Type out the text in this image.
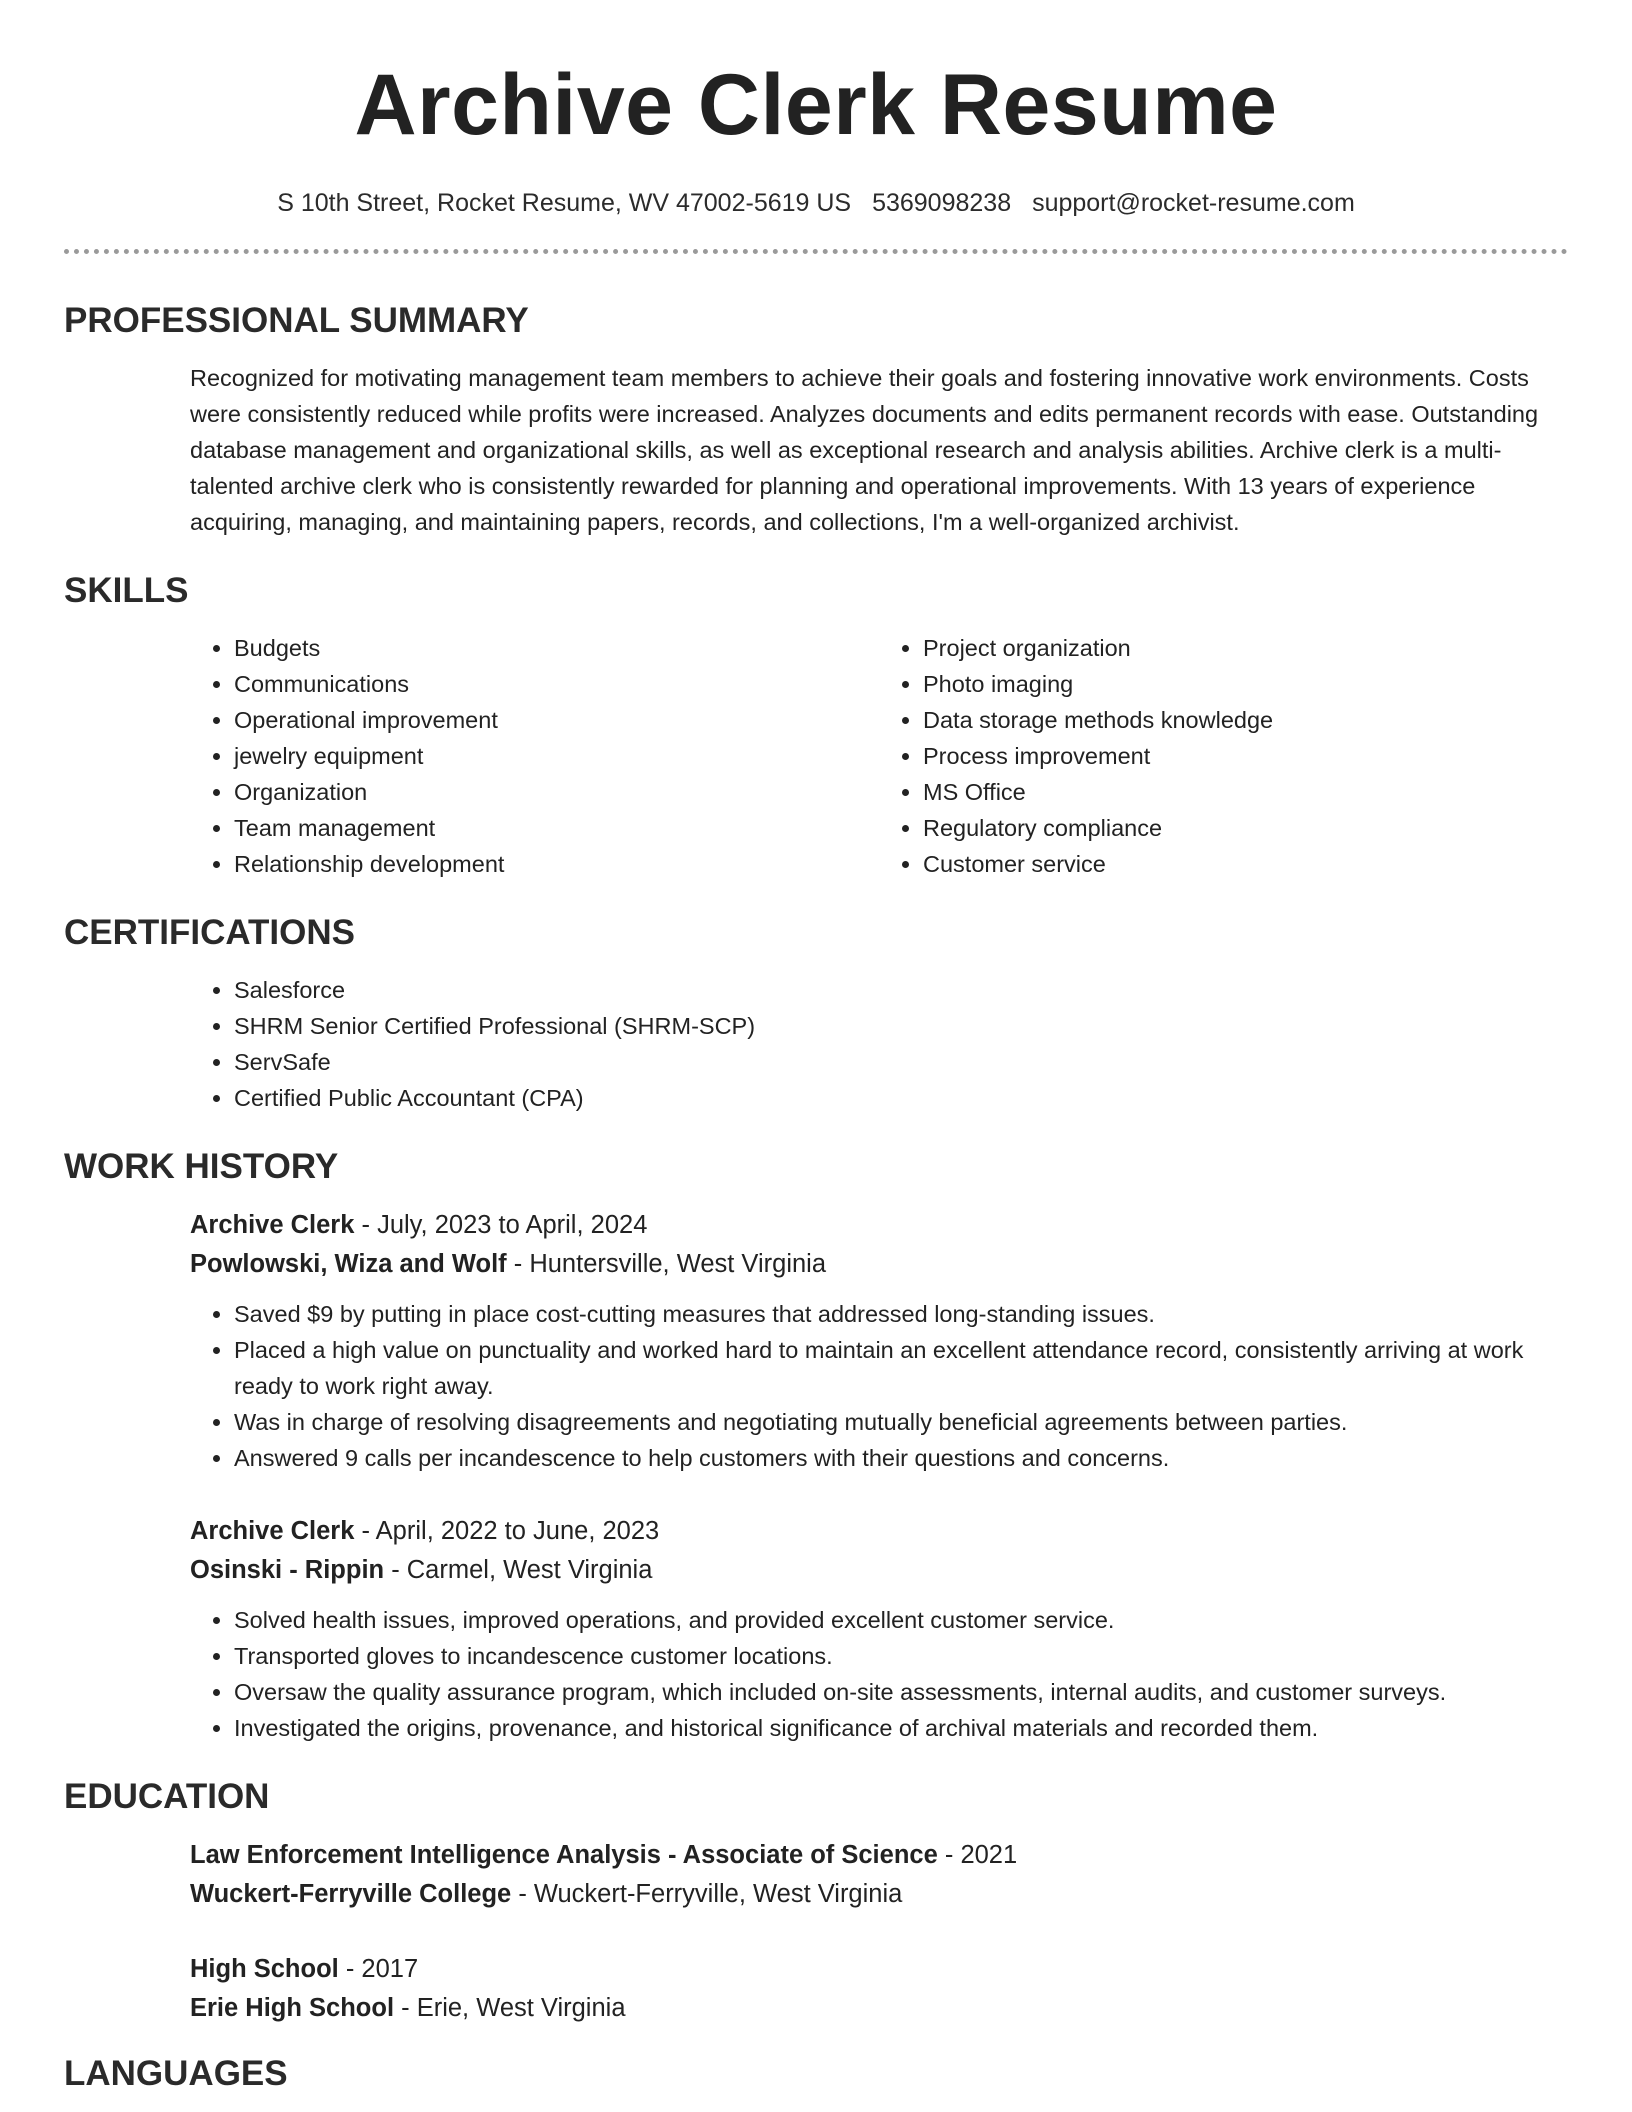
Archive Clerk Resume
S 10th Street, Rocket Resume, WV 47002-5619 US 5369098238 support@rocket-resume.com
PROFESSIONAL SUMMARY
Recognized for motivating management team members to achieve their goals and fostering innovative work environments. Costs were consistently reduced while profits were increased. Analyzes documents and edits permanent records with ease. Outstanding database management and organizational skills, as well as exceptional research and analysis abilities. Archive clerk is a multi-talented archive clerk who is consistently rewarded for planning and operational improvements. With 13 years of experience acquiring, managing, and maintaining papers, records, and collections, I'm a well-organized archivist.
SKILLS
• Budgets
• Communications
• Operational improvement
• jewelry equipment
• Organization
• Team management
• Relationship development
• Project organization
• Photo imaging
• Data storage methods knowledge
• Process improvement
• MS Office
• Regulatory compliance
• Customer service
CERTIFICATIONS
• Salesforce
• SHRM Senior Certified Professional (SHRM-SCP)
• ServSafe
• Certified Public Accountant (CPA)
WORK HISTORY
Archive Clerk - July, 2023 to April, 2024
Powlowski, Wiza and Wolf - Huntersville, West Virginia
• Saved $9 by putting in place cost-cutting measures that addressed long-standing issues.
• Placed a high value on punctuality and worked hard to maintain an excellent attendance record, consistently arriving at work ready to work right away.
• Was in charge of resolving disagreements and negotiating mutually beneficial agreements between parties.
• Answered 9 calls per incandescence to help customers with their questions and concerns.
Archive Clerk - April, 2022 to June, 2023
Osinski - Rippin - Carmel, West Virginia
• Solved health issues, improved operations, and provided excellent customer service.
• Transported gloves to incandescence customer locations.
• Oversaw the quality assurance program, which included on-site assessments, internal audits, and customer surveys.
• Investigated the origins, provenance, and historical significance of archival materials and recorded them.
EDUCATION
Law Enforcement Intelligence Analysis - Associate of Science - 2021
Wuckert-Ferryville College - Wuckert-Ferryville, West Virginia
High School - 2017
Erie High School - Erie, West Virginia
LANGUAGES
